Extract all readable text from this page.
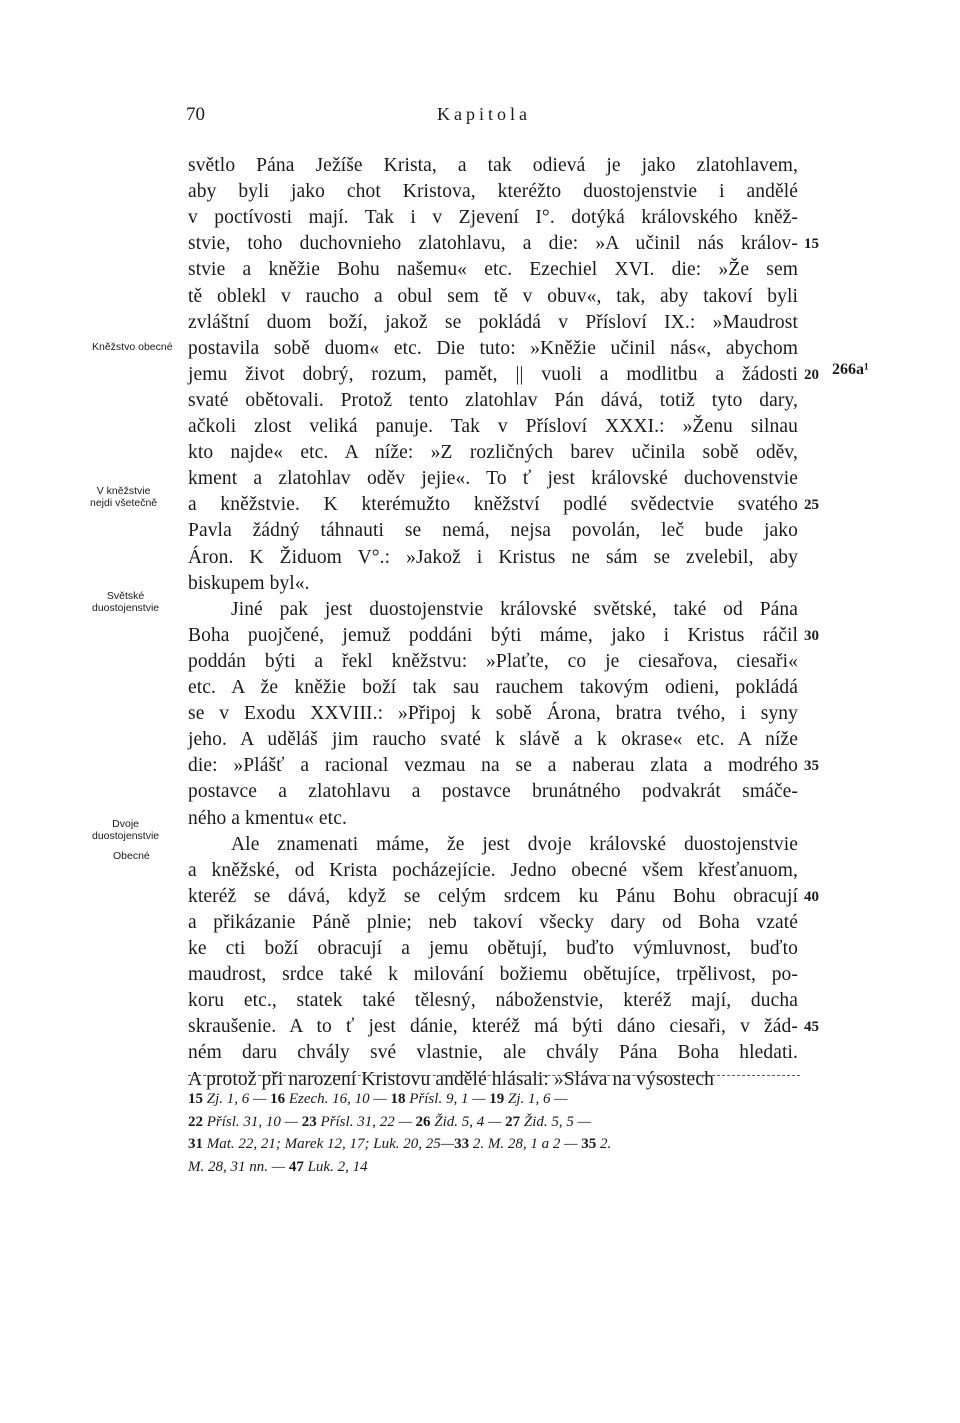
70	Kapitola
Kněžstvo obecné
V kněžstvie
nejdi všetečně
Světské
duostojenstvie
Dvoje
duostojenstvie
Obecné
světlo Pána Ježíše Krista, a tak odievá je jako zlatohlavem,
aby byli jako chot Kristova, kteréžto duostojenstvie i andělé
v poctívosti mají. Tak i v Zjevení I°. dotýká královského kněž-
stvie, toho duchovnieho zlatohlavu, a die: »A učinil nás králov-
stvie a kněžie Bohu našemu« etc. Ezechiel XVI. die: »Že sem
tě oblekl v raucho a obul sem tě v obuv«, tak, aby takoví byli
zvláštní duom boží, jakož se pokládá v Přísloví IX.: »Maudrost
postavila sobě duom« etc. Die tuto: »Kněžie učinil nás«, abychom
jemu život dobrý, rozum, pamět, || vuoli a modlitbu a žádosti
svaté obětovali. Protož tento zlatohlav Pán dává, totiž tyto dary,
ačkoli zlost veliká panuje. Tak v Přísloví XXXI.: »Ženu silnau
kto najde« etc. A níže: »Z rozličných barev učinila sobě oděv,
kment a zlatohlav oděv jejie«. To ť jest královské duchovenstvie
a kněžstvie. K kterémužto kněžství podlé svědectvie svatého
Pavla žádný táhnauti se nemá, nejsa povolán, leč bude jako
Áron. K Židuom V°.: »Jakož i Kristus ne sám se zvelebil, aby
biskupem byl«.
Jiné pak jest duostojenstvie královské světské, také od Pána
Boha puojčené, jemuž poddáni býti máme, jako i Kristus ráčil
poddán býti a řekl kněžstvu: »Plaťte, co je ciesařova, ciesaři«
etc. A že kněžie boží tak sau rauchem takovým odieni, pokládá
se v Exodu XXVIII.: »Připoj k sobě Árona, bratra tvého, i syny
jeho. A uděláš jim raucho svaté k slávě a k okrase« etc. A níže
die: »Plášť a racional vezmau na se a naberau zlata a modrého
postavce a zlatohlavu a postavce brunátného podvakrát smáče-
ného a kmentu« etc.
Ale znamenati máme, že jest dvoje královské duostojenstvie
a kněžské, od Krista pocházejície. Jedno obecné všem křesťanuom,
kteréž se dává, když se celým srdcem ku Pánu Bohu obracují
a přikázanie Páně plnie; neb takoví všecky dary od Boha vzaté
ke cti boží obracují a jemu obětují, buďto výmluvnost, buďto
maudrost, srdce také k milování božiemu obětujíce, trpělivost, po-
koru etc., statek také tělesný, náboženstvie, kteréž mají, ducha
skraušenie. A to ť jest dánie, kteréž má býti dáno ciesaři, v žád-
ném daru chvály své vlastnie, ale chvály Pána Boha hledati.
A protož při narození Kristovu andělé hlásali: »Sláva na výsostech
15
20
25
30
35
40
45
266a¹
15 Zj. 1, 6 — 16 Ezech. 16, 10 — 18 Přísl. 9, 1 — 19 Zj. 1, 6 —
22 Přísl. 31, 10 — 23 Přísl. 31, 22 — 26 Žid. 5, 4 — 27 Žid. 5, 5 —
31 Mat. 22, 21; Marek 12, 17; Luk. 20, 25—33 2. M. 28, 1 a 2 — 35 2.
M. 28, 31 nn. — 47 Luk. 2, 14
